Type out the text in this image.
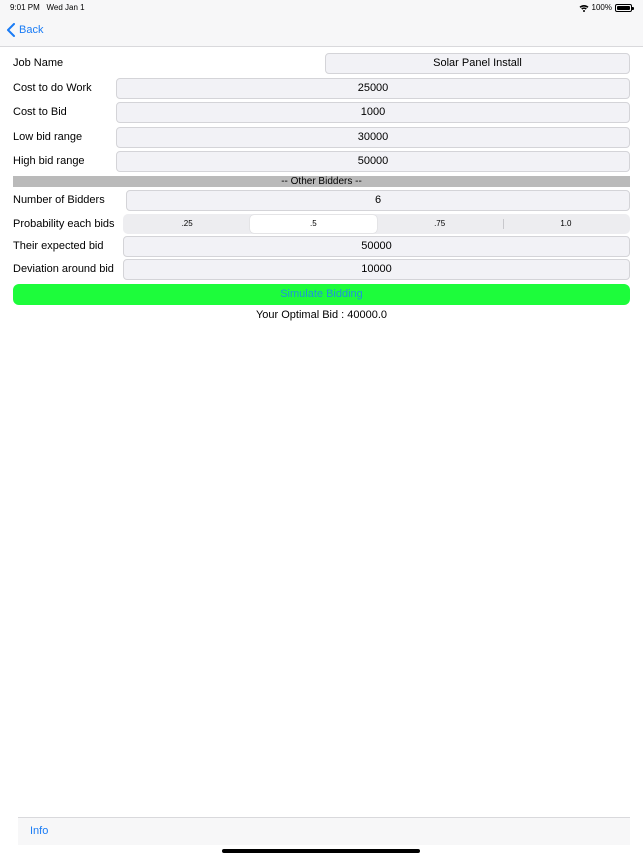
9:01 PM Wed Jan 1	100%
Back
Job Name	Solar Panel Install
Cost to do Work	25000
Cost to Bid	1000
Low bid range	30000
High bid range	50000
-- Other Bidders --
Number of Bidders	6
Probability each bids	.25	.5	.75	1.0
Their expected bid	50000
Deviation around bid	10000
Simulate Bidding
Your Optimal Bid : 40000.0
Info
